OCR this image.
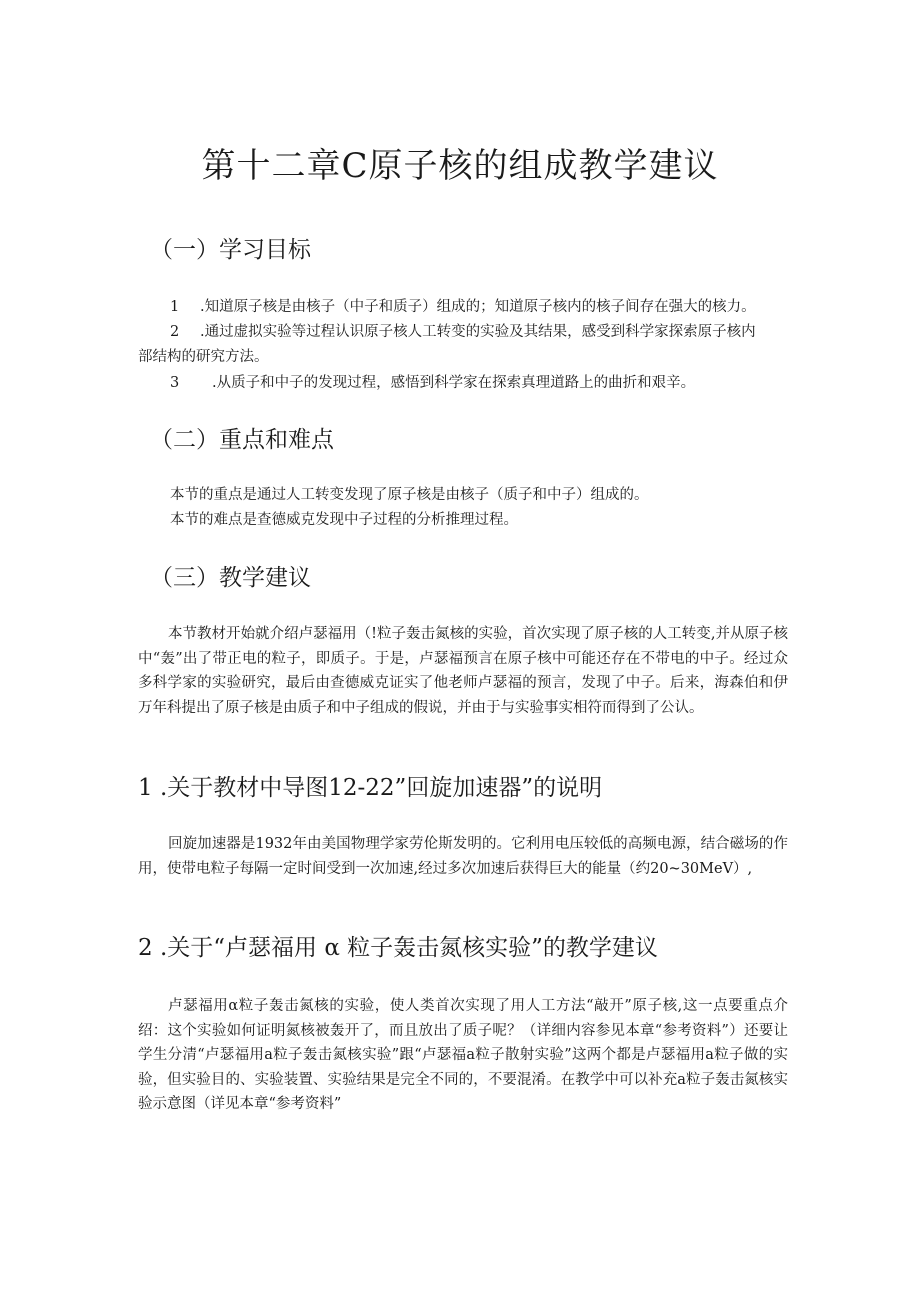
第十二章C原子核的组成教学建议
（一）学习目标
1 .知道原子核是由核子（中子和质子）组成的；知道原子核内的核子间存在强大的核力。
2 .通过虚拟实验等过程认识原子核人工转变的实验及其结果，感受到科学家探索原子核内
部结构的研究方法。
3 .从质子和中子的发现过程，感悟到科学家在探索真理道路上的曲折和艰辛。
（二）重点和难点
本节的重点是通过人工转变发现了原子核是由核子（质子和中子）组成的。
本节的难点是查德威克发现中子过程的分析推理过程。
（三）教学建议

本节教材开始就介绍卢瑟福用（!粒子轰击氮核的实验，首次实现了原子核的人工转变,并从原子核中“轰”出了带正电的粒子，即质子。于是，卢瑟福预言在原子核中可能还存在不带电的中子。经过众多科学家的实验研究，最后由查德威克证实了他老师卢瑟福的预言，发现了中子。后来，海森伯和伊万年科提出了原子核是由质子和中子组成的假说，并由于与实验事实相符而得到了公认。

1 .关于教材中导图12-22”回旋加速器”的说明

回旋加速器是1932年由美国物理学家劳伦斯发明的。它利用电压较低的高频电源，结合磁场的作用，使带电粒子每隔一定时间受到一次加速,经过多次加速后获得巨大的能量（约20~30MeV）,

2 .关于“卢瑟福用 α 粒子轰击氮核实验”的教学建议

卢瑟福用α粒子轰击氮核的实验，使人类首次实现了用人工方法“敲开”原子核,这一点要重点介绍：这个实验如何证明氮核被轰开了，而且放出了质子呢？（详细内容参见本章“参考资料”）还要让学生分清“卢瑟福用a粒子轰击氮核实验”跟“卢瑟福a粒子散射实验”这两个都是卢瑟福用a粒子做的实验，但实验目的、实验装置、实验结果是完全不同的，不要混淆。在教学中可以补充a粒子轰击氮核实验示意图（详见本章“参考资料”
